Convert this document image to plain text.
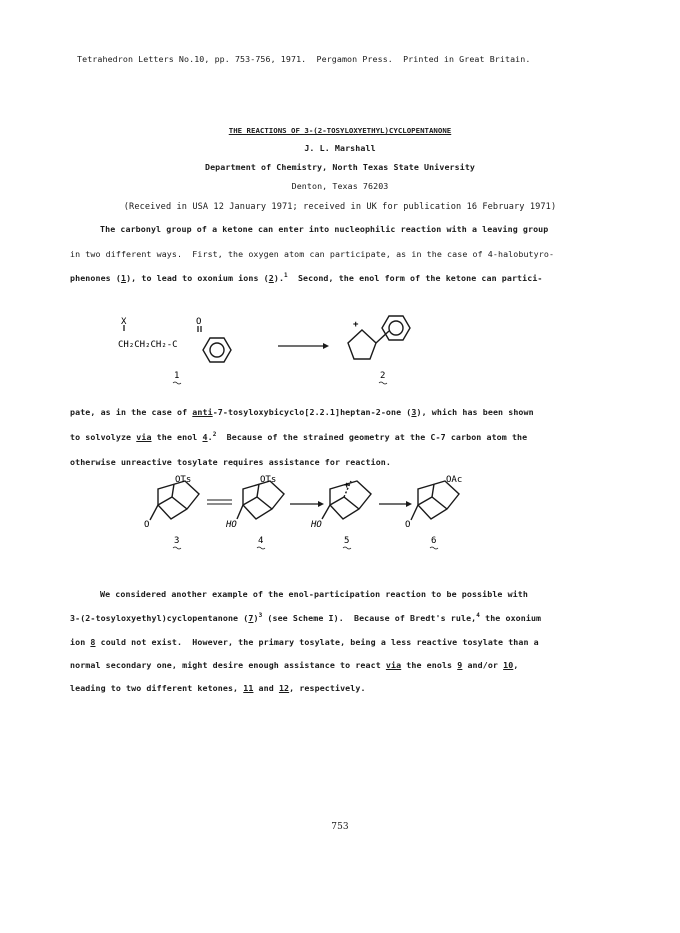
Tetrahedron Letters No.10, pp. 753-756, 1971.  Pergamon Press.  Printed in Great Britain.
THE REACTIONS OF 3-(2-TOSYLOXYETHYL)CYCLOPENTANONE
J. L. Marshall
Department of Chemistry, North Texas State University
Denton, Texas 76203
(Received in USA 12 January 1971; received in UK for publication 16 February 1971)
The carbonyl group of a ketone can enter into nucleophilic reaction with a leaving group
in two different ways.  First, the oxygen atom can participate, as in the case of 4-halobutyro-
phenones (1), to lead to oxonium ions (2).$^1$  Second, the enol form of the ketone can partici-
X	O
CH₂CH₂CH₂-C
+
1	2
pate, as in the case of anti-7-tosyloxybicyclo[2.2.1]heptan-2-one (3), which has been shown
to solvolyze via the enol 4.$^2$  Because of the strained geometry at the C-7 carbon atom the
otherwise unreactive tosylate requires assistance for reaction.
OTs	OTs	OAc
+
O	HO	HO	O
3	4	5	6
We considered another example of the enol-participation reaction to be possible with
3-(2-tosyloxyethyl)cyclopentanone $(7)^3$ (see Scheme I).  Because of Bredt's rule,$^4$ the oxonium
ion 8 could not exist.  However, the primary tosylate, being a less reactive tosylate than a
normal secondary one, might desire enough assistance to react via the enols 9 and/or 10,
leading to two different ketones, 11 and 12, respectively.
753
